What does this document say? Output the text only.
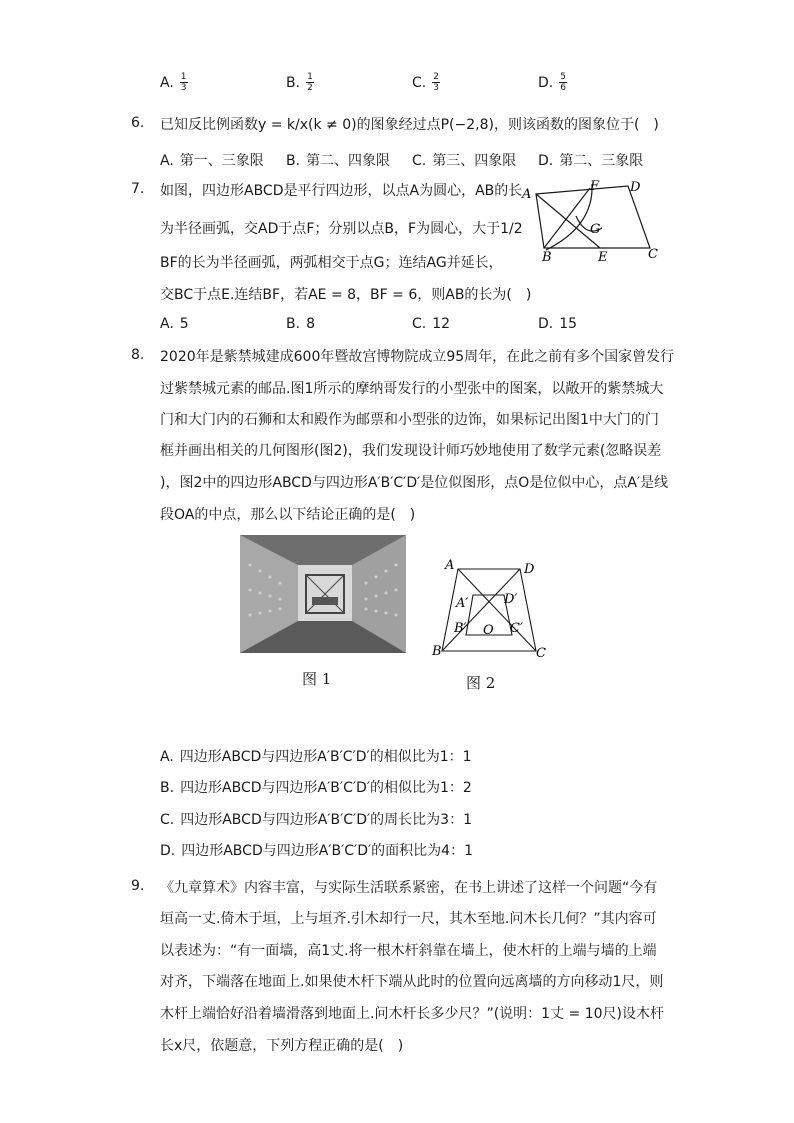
A. $\frac{1}{3}$	B. $\frac{1}{2}$	C. $\frac{2}{3}$	D. $\frac{5}{6}$
6. 已知反比例函数y = k/x(k ≠ 0)的图象经过点P(−2,8)，则该函数的图象位于(　)
A. 第一、三象限 B. 第二、四象限 C. 第三、四象限 D. 第二、三象限
7. 如图，四边形ABCD是平行四边形，以点A为圆心，AB的长
为半径画弧，交AD于点F；分别以点B，F为圆心，大于1/2
BF的长为半径画弧，两弧相交于点G；连结AG并延长，
交BC于点E.连结BF，若AE = 8，BF = 6，则AB的长为(　)
A
F D
G
B	E	C
A. 5	B. 8	C. 12	D. 15
8. 2020年是紫禁城建成600年暨故宫博物院成立95周年，在此之前有多个国家曾发行
过紫禁城元素的邮品.图1所示的摩纳哥发行的小型张中的图案，以敞开的紫禁城大
门和大门内的石狮和太和殿作为邮票和小型张的边饰，如果标记出图1中大门的门
框并画出相关的几何图形(图2)，我们发现设计师巧妙地使用了数学元素(忽略误差
)，图2中的四边形ABCD与四边形A′B′C′D′是位似图形，点O是位似中心，点A′是线
段OA的中点，那么以下结论正确的是(　)
图 1
A	D
A′	D′
B′ O C′
B	C
图 2
A. 四边形ABCD与四边形A′B′C′D′的相似比为1：1
B. 四边形ABCD与四边形A′B′C′D′的相似比为1：2
C. 四边形ABCD与四边形A′B′C′D′的周长比为3：1
D. 四边形ABCD与四边形A′B′C′D′的面积比为4：1
9. 《九章算术》内容丰富，与实际生活联系紧密，在书上讲述了这样一个问题“今有
垣高一丈.倚木于垣，上与垣齐.引木却行一尺，其木至地.问木长几何？”其内容可
以表述为：“有一面墙，高1丈.将一根木杆斜靠在墙上，使木杆的上端与墙的上端
对齐，下端落在地面上.如果使木杆下端从此时的位置向远离墙的方向移动1尺，则
木杆上端恰好沿着墙滑落到地面上.问木杆长多少尺？”(说明：1丈 = 10尺)设木杆
长x尺，依题意，下列方程正确的是(　)
